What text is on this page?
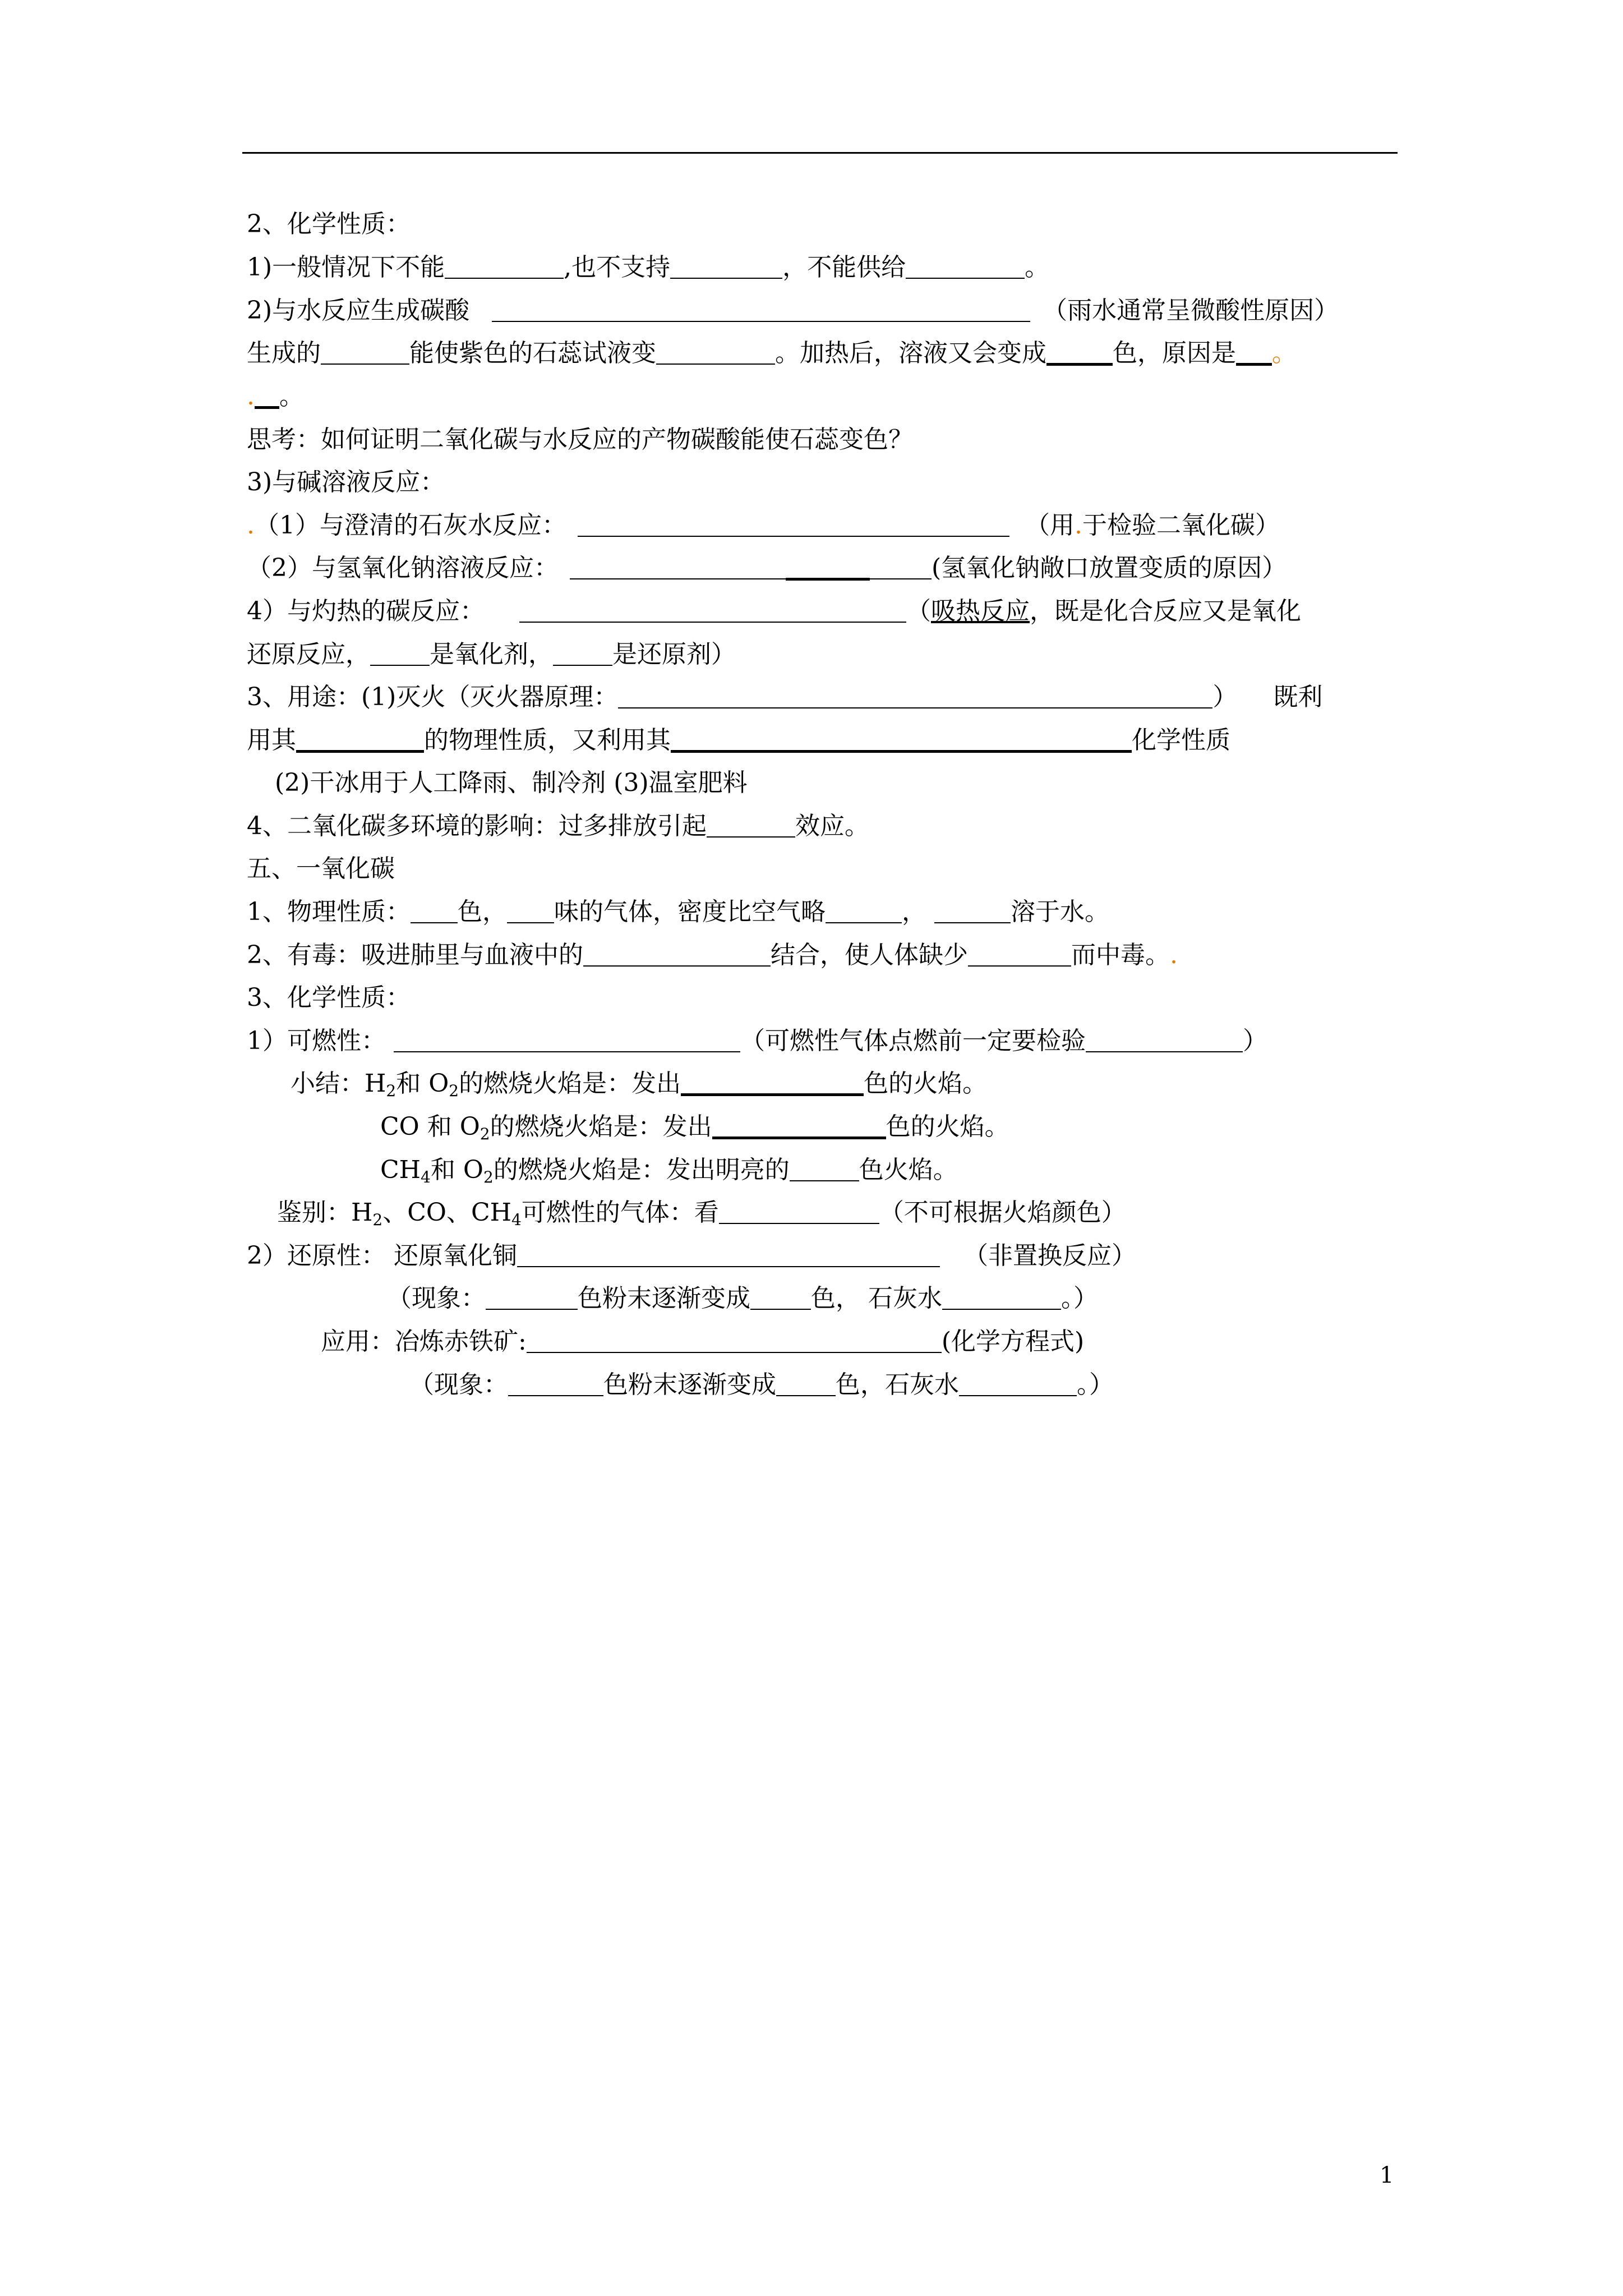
2、化学性质：
1)一般情况下不能	,也不支持	，不能供给	。
2)与水反应生成碳酸	（雨水通常呈微酸性原因）
生成的	能使紫色的石蕊试液变	。加热后，溶液又会变成	色，原因是 。
. 。
思考：如何证明二氧化碳与水反应的产物碳酸能使石蕊变色？
3)与碱溶液反应：
.（1）与澄清的石灰水反应：	（用.于检验二氧化碳）
（2）与氢氧化钠溶液反应：	(氢氧化钠敞口放置变质的原因）
4）与灼热的碳反应：	（吸热反应，既是化合反应又是氧化
还原反应， 是氧化剂， 是还原剂）
3、用途：(1)灭火（灭火器原理：	） 既利
用其	的物理性质，又利用其	化学性质
(2)干冰用于人工降雨、制冷剂 (3)温室肥料
4、二氧化碳多环境的影响：过多排放引起	效应。
五、一氧化碳
1、物理性质： 色， 味的气体，密度比空气略	，	溶于水。
2、有毒：吸进肺里与血液中的	结合，使人体缺少	而中毒。.
3、化学性质：
1）可燃性：	（可燃性气体点燃前一定要检验	）
小结：$H_2$和 $O_2$的燃烧火焰是：发出	色的火焰。
CO 和 $O_2$的燃烧火焰是：发出	色的火焰。
$CH_4$和 $O_2$的燃烧火焰是：发出明亮的	色火焰。
鉴别：$H_2$、CO、$CH_4$可燃性的气体：看	（不可根据火焰颜色）
2）还原性： 还原氧化铜	（非置换反应）
（现象：	色粉末逐渐变成 色， 石灰水	。）
应用：冶炼赤铁矿:	(化学方程式)
（现象：	色粉末逐渐变成 色，石灰水	。）
1
